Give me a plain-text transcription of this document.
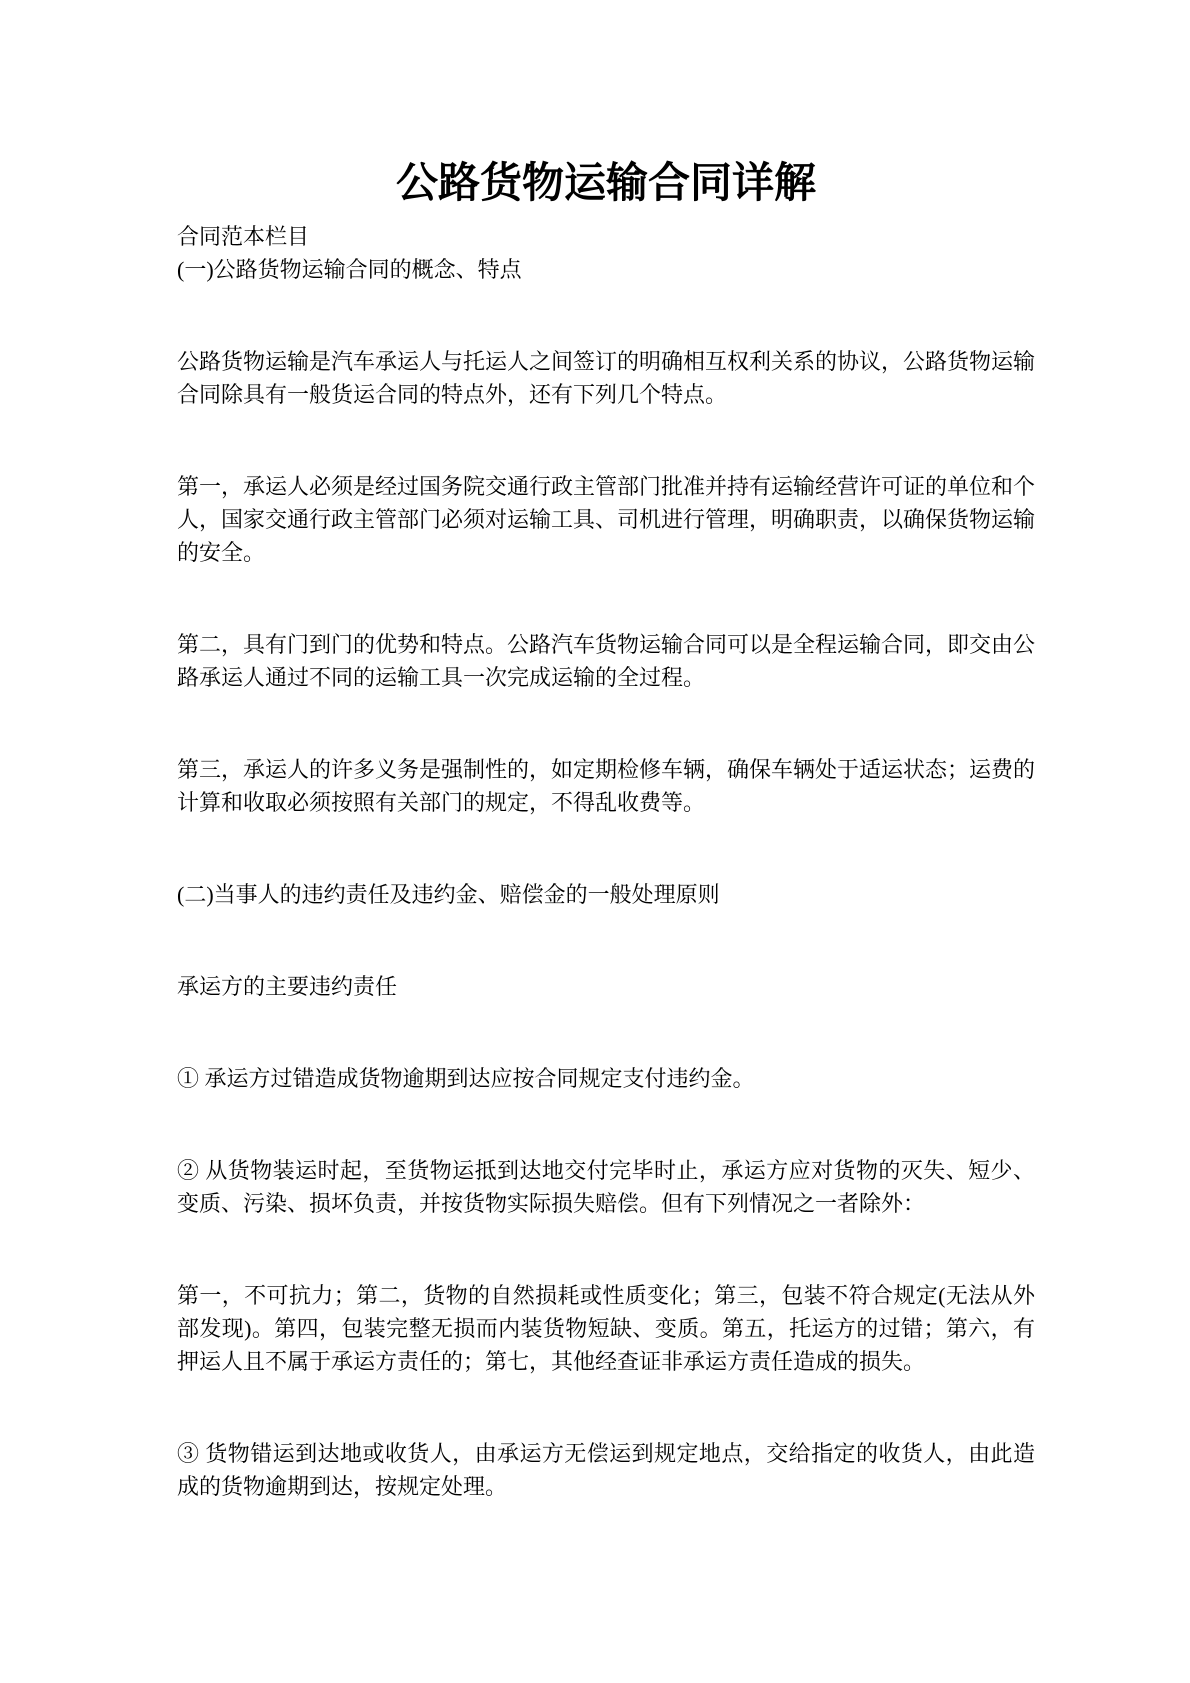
公路货物运输合同详解

合同范本栏目

(一)公路货物运输合同的概念、特点

公路货物运输是汽车承运人与托运人之间签订的明确相互权利关系的协议，公路货物运输合同除具有一般货运合同的特点外，还有下列几个特点。

第一，承运人必须是经过国务院交通行政主管部门批准并持有运输经营许可证的单位和个人，国家交通行政主管部门必须对运输工具、司机进行管理，明确职责，以确保货物运输的安全。

第二，具有门到门的优势和特点。公路汽车货物运输合同可以是全程运输合同，即交由公路承运人通过不同的运输工具一次完成运输的全过程。

第三，承运人的许多义务是强制性的，如定期检修车辆，确保车辆处于适运状态；运费的计算和收取必须按照有关部门的规定，不得乱收费等。

(二)当事人的违约责任及违约金、赔偿金的一般处理原则

承运方的主要违约责任

① 承运方过错造成货物逾期到达应按合同规定支付违约金。

② 从货物装运时起，至货物运抵到达地交付完毕时止，承运方应对货物的灭失、短少、变质、污染、损坏负责，并按货物实际损失赔偿。但有下列情况之一者除外：

第一，不可抗力；第二，货物的自然损耗或性质变化；第三，包装不符合规定(无法从外部发现)。第四，包装完整无损而内装货物短缺、变质。第五，托运方的过错；第六，有押运人且不属于承运方责任的；第七，其他经查证非承运方责任造成的损失。

③ 货物错运到达地或收货人，由承运方无偿运到规定地点，交给指定的收货人，由此造成的货物逾期到达，按规定处理。
